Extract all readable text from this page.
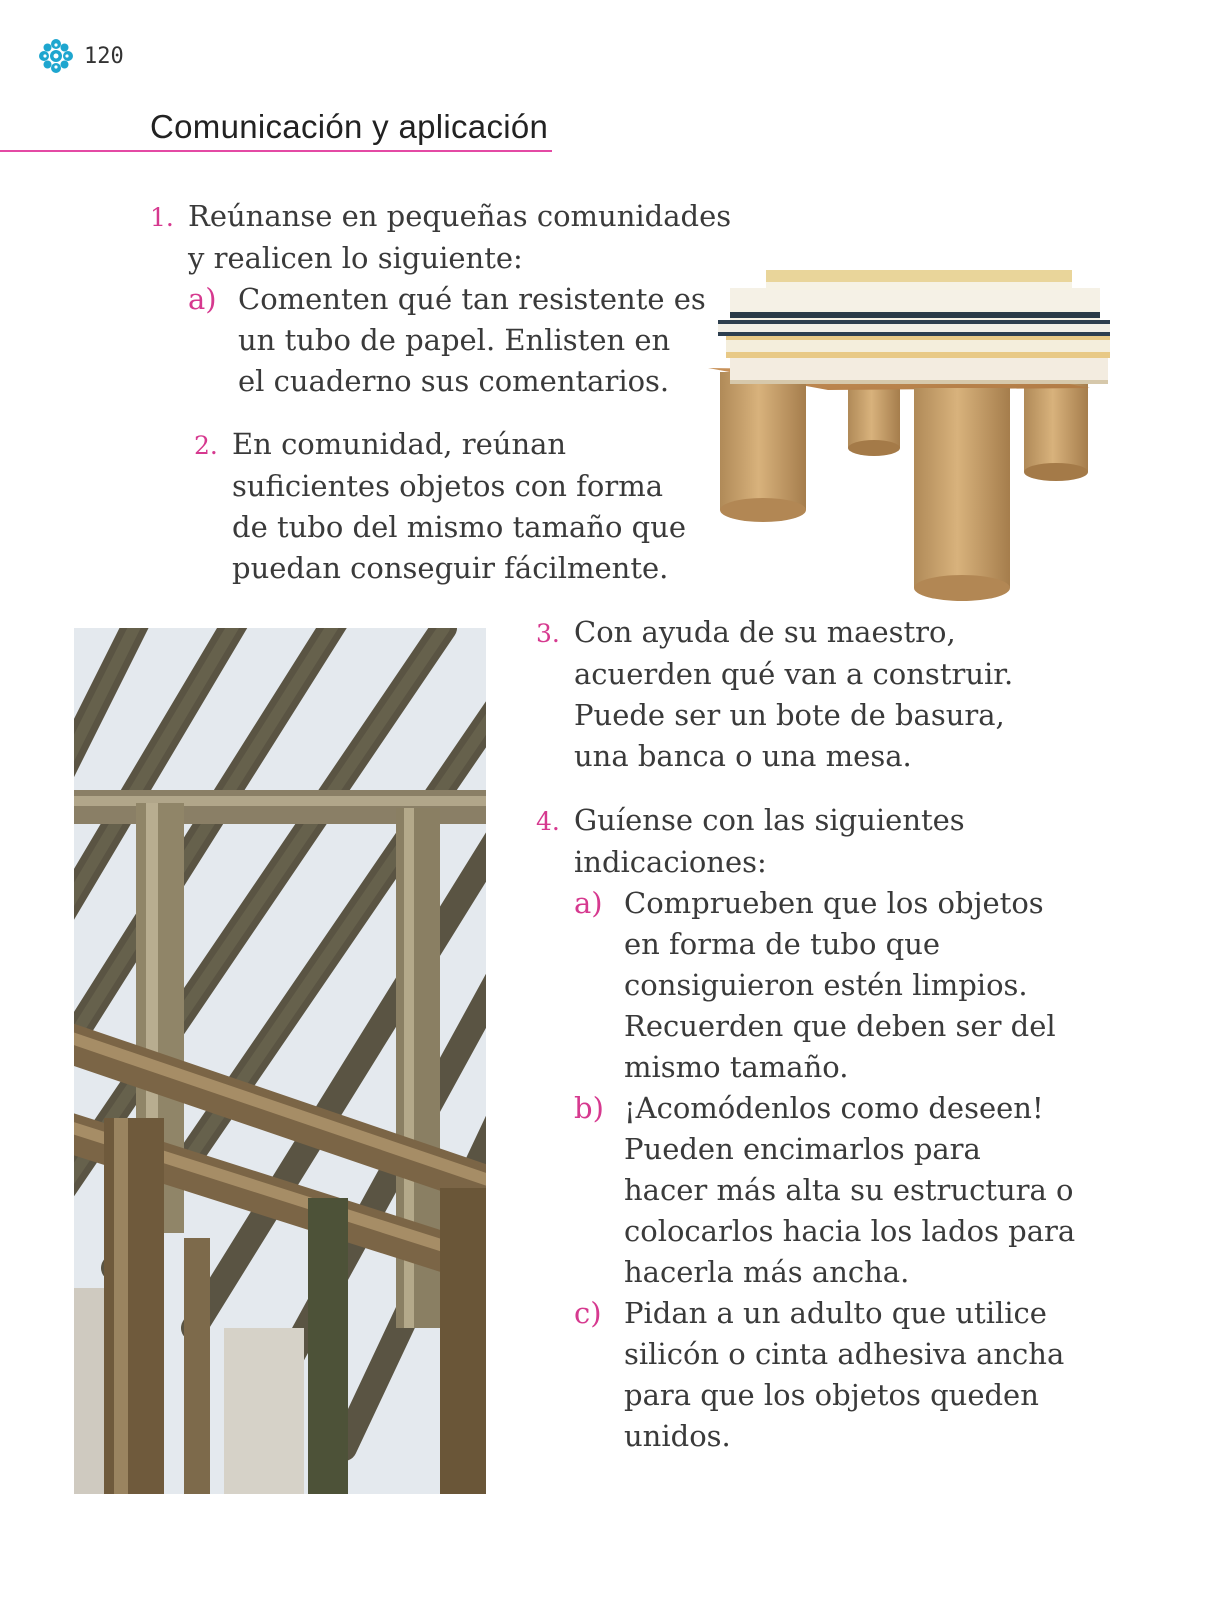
120
Comunicación y aplicación
1. Reúnanse en pequeñas comunidades
y realicen lo siguiente:
a) Comenten qué tan resistente es
un tubo de papel. Enlisten en
el cuaderno sus comentarios.
2. En comunidad, reúnan
suficientes objetos con forma
de tubo del mismo tamaño que
puedan conseguir fácilmente.
3. Con ayuda de su maestro,
acuerden qué van a construir.
Puede ser un bote de basura,
una banca o una mesa.
4. Guíense con las siguientes
indicaciones:
a) Comprueben que los objetos
en forma de tubo que
consiguieron estén limpios.
Recuerden que deben ser del
mismo tamaño.
b) ¡Acomódenlos como deseen!
Pueden encimarlos para
hacer más alta su estructura o
colocarlos hacia los lados para
hacerla más ancha.
c) Pidan a un adulto que utilice
silicón o cinta adhesiva ancha
para que los objetos queden
unidos.
